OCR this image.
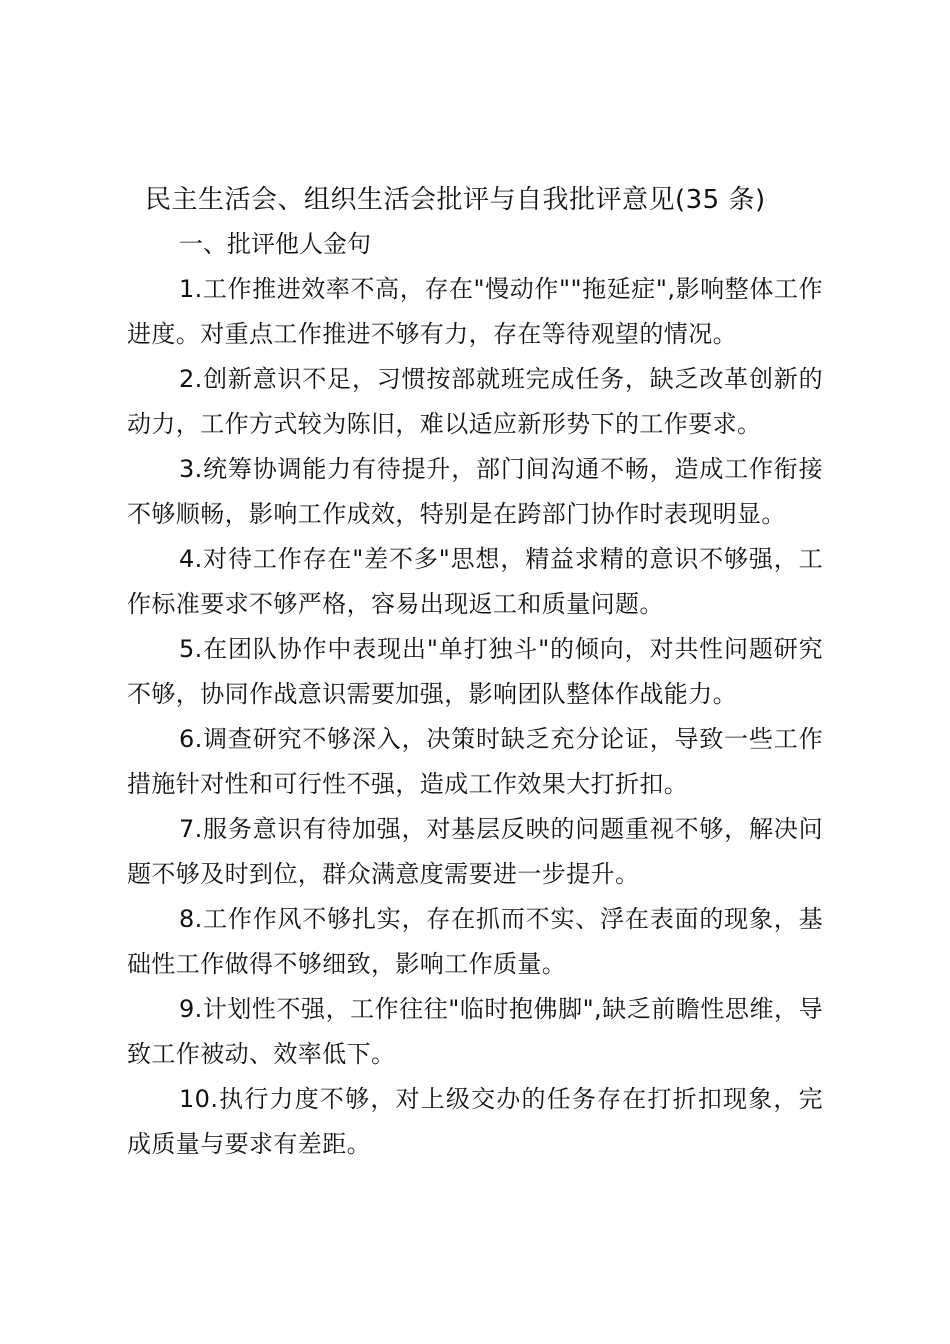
民主生活会、组织生活会批评与自我批评意见(35 条)

一、批评他人金句

1.工作推进效率不高，存在"慢动作""拖延症",影响整体工作进度。对重点工作推进不够有力，存在等待观望的情况。

2.创新意识不足，习惯按部就班完成任务，缺乏改革创新的动力，工作方式较为陈旧，难以适应新形势下的工作要求。

3.统筹协调能力有待提升，部门间沟通不畅，造成工作衔接不够顺畅，影响工作成效，特别是在跨部门协作时表现明显。

4.对待工作存在"差不多"思想，精益求精的意识不够强，工作标准要求不够严格，容易出现返工和质量问题。

5.在团队协作中表现出"单打独斗"的倾向，对共性问题研究不够，协同作战意识需要加强，影响团队整体作战能力。

6.调查研究不够深入，决策时缺乏充分论证，导致一些工作措施针对性和可行性不强，造成工作效果大打折扣。

7.服务意识有待加强，对基层反映的问题重视不够，解决问题不够及时到位，群众满意度需要进一步提升。

8.工作作风不够扎实，存在抓而不实、浮在表面的现象，基础性工作做得不够细致，影响工作质量。

9.计划性不强，工作往往"临时抱佛脚",缺乏前瞻性思维，导致工作被动、效率低下。

10.执行力度不够，对上级交办的任务存在打折扣现象，完成质量与要求有差距。
